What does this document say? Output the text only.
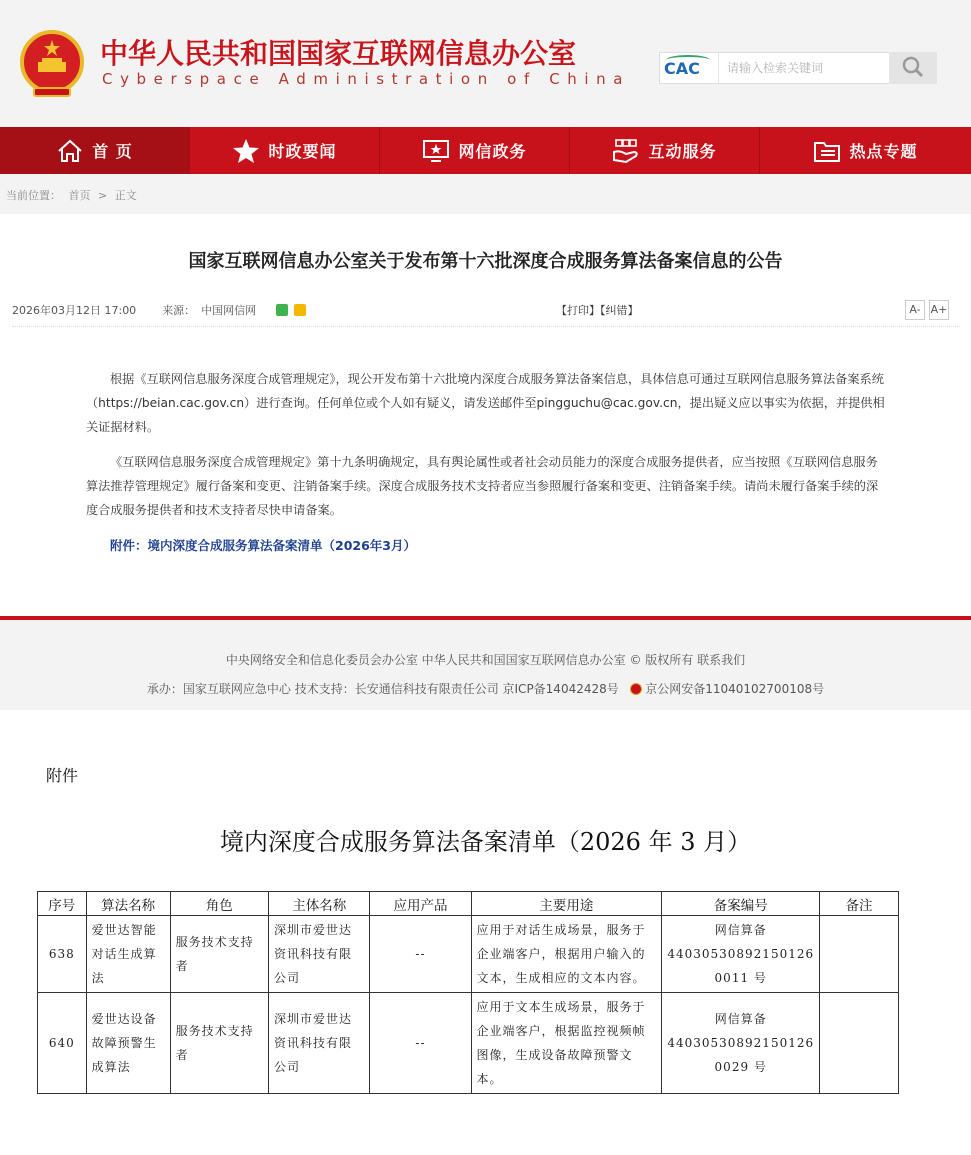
中华人民共和国国家互联网信息办公室
Cyberspace Administration of China
CAC
请输入检索关键词
首 页	时政要闻	网信政务	互动服务	热点专题
当前位置： 首页 > 正文
国家互联网信息办公室关于发布第十六批深度合成服务算法备案信息的公告
2026年03月12日 17:00 来源： 中国网信网	【打印】【纠错】	A- A+
根据《互联网信息服务深度合成管理规定》，现公开发布第十六批境内深度合成服务算法备案信息，具体信息可通过互联网信息服务算法备案系统（https://beian.cac.gov.cn）进行查询。任何单位或个人如有疑义，请发送邮件至pingguchu@cac.gov.cn，提出疑义应以事实为依据，并提供相关证据材料。
《互联网信息服务深度合成管理规定》第十九条明确规定，具有舆论属性或者社会动员能力的深度合成服务提供者，应当按照《互联网信息服务算法推荐管理规定》履行备案和变更、注销备案手续。深度合成服务技术支持者应当参照履行备案和变更、注销备案手续。请尚未履行备案手续的深度合成服务提供者和技术支持者尽快申请备案。
附件：境内深度合成服务算法备案清单（2026年3月）
中央网络安全和信息化委员会办公室 中华人民共和国国家互联网信息办公室 © 版权所有 联系我们
承办：国家互联网应急中心 技术支持：长安通信科技有限责任公司 京ICP备14042428号 京公网安备11040102700108号
附件
境内深度合成服务算法备案清单（2026 年 3 月）
序号	算法名称	角色	主体名称	应用产品	主要用途	备案编号	备注
638	爱世达智能对话生成算法	服务技术支持者	深圳市爱世达资讯科技有限公司	--	应用于对话生成场景，服务于企业端客户，根据用户输入的文本，生成相应的文本内容。	网信算备
44030530892150126
0011 号	

640	爱世达设备故障预警生成算法	服务技术支持者	深圳市爱世达资讯科技有限公司	--	应用于文本生成场景，服务于企业端客户，根据监控视频帧图像，生成设备故障预警文本。	网信算备
44030530892150126
0029 号	
